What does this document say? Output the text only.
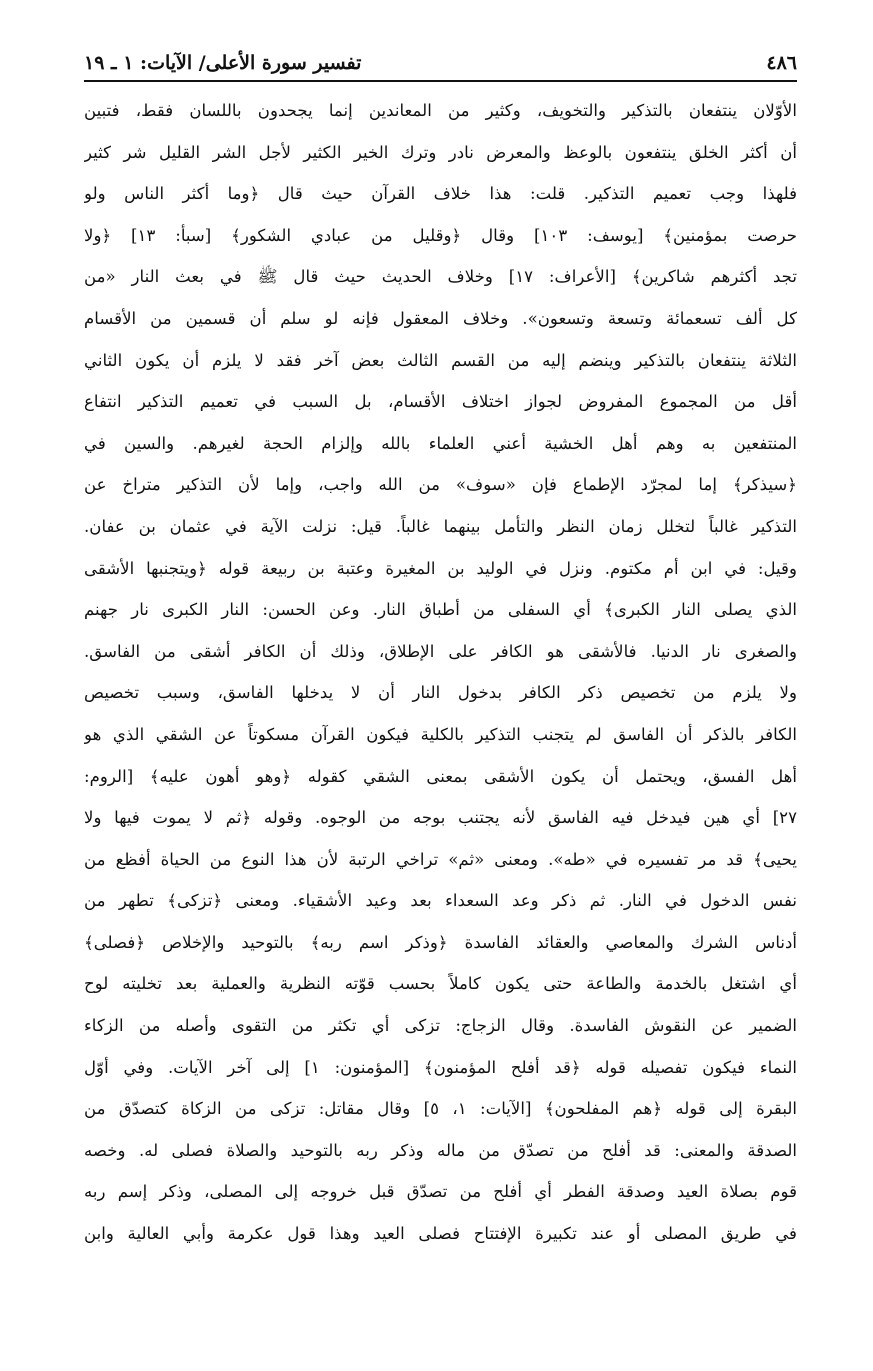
٤٨٦
تفسير سورة الأعلى/ الآيات: ١ ـ ١٩
الأوّلان ينتفعان بالتذكير والتخويف، وكثير من المعاندين إنما يجحدون باللسان فقط، فتبين
أن أكثر الخلق ينتفعون بالوعظ والمعرض نادر وترك الخير الكثير لأجل الشر القليل شر كثير
فلهذا وجب تعميم التذكير. قلت: هذا خلاف القرآن حيث قال ﴿وما أكثر الناس ولو
حرصت بمؤمنين﴾ [يوسف: ١٠٣] وقال ﴿وقليل من عبادي الشكور﴾ [سبأ: ١٣] ﴿ولا
تجد أكثرهم شاكرين﴾ [الأعراف: ١٧] وخلاف الحديث حيث قال ﷺ في بعث النار «من
كل ألف تسعمائة وتسعة وتسعون». وخلاف المعقول فإنه لو سلم أن قسمين من الأقسام
الثلاثة ينتفعان بالتذكير وينضم إليه من القسم الثالث بعض آخر فقد لا يلزم أن يكون الثاني
أقل من المجموع المفروض لجواز اختلاف الأقسام، بل السبب في تعميم التذكير انتفاع
المنتفعين به وهم أهل الخشية أعني العلماء بالله وإلزام الحجة لغيرهم. والسين في
﴿سيذكر﴾ إما لمجرّد الإطماع فإن «سوف» من الله واجب، وإما لأن التذكير متراخ عن
التذكير غالباً لتخلل زمان النظر والتأمل بينهما غالباً. قيل: نزلت الآية في عثمان بن عفان.
وقيل: في ابن أم مكتوم. ونزل في الوليد بن المغيرة وعتبة بن ربيعة قوله ﴿ويتجنبها الأشقى
الذي يصلى النار الكبرى﴾ أي السفلى من أطباق النار. وعن الحسن: النار الكبرى نار جهنم
والصغرى نار الدنيا. فالأشقى هو الكافر على الإطلاق، وذلك أن الكافر أشقى من الفاسق.
ولا يلزم من تخصيص ذكر الكافر بدخول النار أن لا يدخلها الفاسق، وسبب تخصيص
الكافر بالذكر أن الفاسق لم يتجنب التذكير بالكلية فيكون القرآن مسكوتاً عن الشقي الذي هو
أهل الفسق، ويحتمل أن يكون الأشقى بمعنى الشقي كقوله ﴿وهو أهون عليه﴾ [الروم:
٢٧] أي هين فيدخل فيه الفاسق لأنه يجتنب بوجه من الوجوه. وقوله ﴿ثم لا يموت فيها ولا
يحيى﴾ قد مر تفسيره في «طه». ومعنى «ثم» تراخي الرتبة لأن هذا النوع من الحياة أفظع من
نفس الدخول في النار. ثم ذكر وعد السعداء بعد وعيد الأشقياء. ومعنى ﴿تزكى﴾ تطهر من
أدناس الشرك والمعاصي والعقائد الفاسدة ﴿وذكر اسم ربه﴾ بالتوحيد والإخلاص ﴿فصلى﴾
أي اشتغل بالخدمة والطاعة حتى يكون كاملاً بحسب قوّته النظرية والعملية بعد تخليته لوح
الضمير عن النقوش الفاسدة. وقال الزجاج: تزكى أي تكثر من التقوى وأصله من الزكاء
النماء فيكون تفصيله قوله ﴿قد أفلح المؤمنون﴾ [المؤمنون: ١] إلى آخر الآيات. وفي أوّل
البقرة إلى قوله ﴿هم المفلحون﴾ [الآيات: ١، ٥] وقال مقاتل: تزكى من الزكاة كتصدّق من
الصدقة والمعنى: قد أفلح من تصدّق من ماله وذكر ربه بالتوحيد والصلاة فصلى له. وخصه
قوم بصلاة العيد وصدقة الفطر أي أفلح من تصدّق قبل خروجه إلى المصلى، وذكر إسم ربه
في طريق المصلى أو عند تكبيرة الإفتتاح فصلى العيد وهذا قول عكرمة وأبي العالية وابن
